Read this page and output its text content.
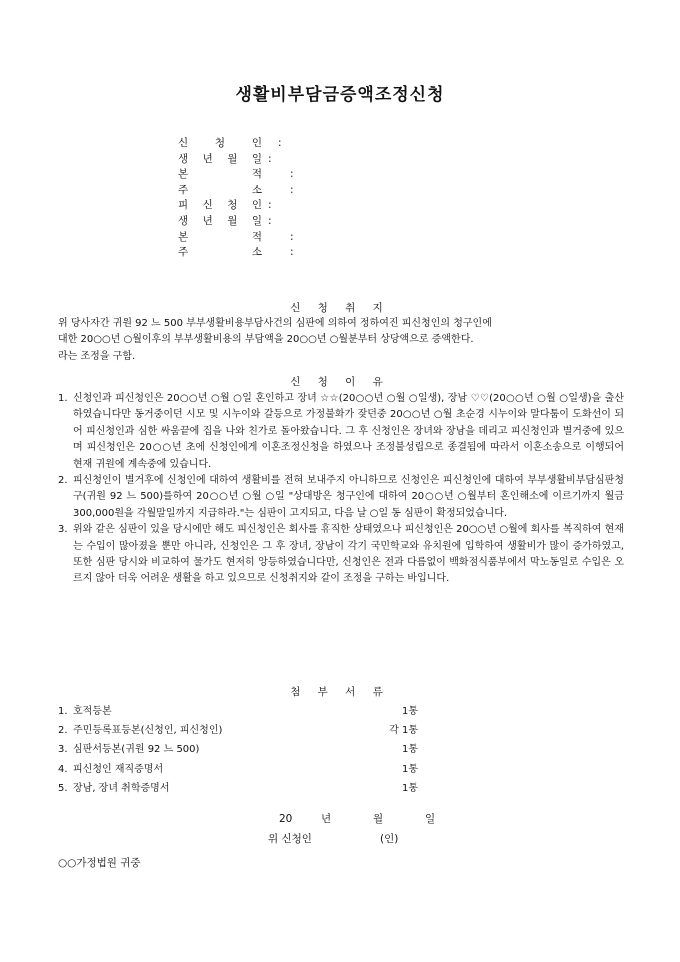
생활비부담금증액조정신청
신	청	인 :
생 년 월 일 :
본	적	:
주	소	:
피 신 청 인 :
생 년 월 일 :
본	적	:
주	소	:
신 청 취 지
위 당사자간 귀원 92 느 500 부부생활비용부담사건의 심판에 의하여 정하여진 피신청인의 청구인에
대한 20○○년 ○월이후의 부부생활비용의 부담액을 20○○년 ○월분부터 상당액으로 증액한다.
라는 조정을 구함.
신 청 이 유
1. 신청인과 피신청인은 20○○년 ○월 ○일 혼인하고 장녀 ☆☆(20○○년 ○월 ○일생), 장남 ♡♡(20○○년 ○월 ○일생)을 출산하였습니다만 동거중이던 시모 및 시누이와 갈등으로 가정불화가 잦던중 20○○년 ○월 초순경 시누이와 말다툼이 도화선이 되어 피신청인과 심한 싸움끝에 집을 나와 친가로 돌아왔습니다. 그 후 신청인은 장녀와 장남을 데리고 피신청인과 별거중에 있으며 피신청인은 20○○년 초에 신청인에게 이혼조정신청을 하였으나 조정불성립으로 종결됨에 따라서 이혼소송으로 이행되어 현재 귀원에 계속중에 있습니다.
2. 피신청인이 별거후에 신청인에 대하여 생활비를 전혀 보내주지 아니하므로 신청인은 피신청인에 대하여 부부생활비부담심판청구(귀원 92 느 500)를하여 20○○년 ○월 ○일 "상대방은 청구인에 대하여 20○○년 ○월부터 혼인해소에 이르기까지 월금 300,000원을 각월말일까지 지급하라."는 심판이 고지되고, 다음 날 ○일 동 심판이 확정되었습니다.
3. 위와 같은 심판이 있을 당시에만 해도 피신청인은 회사를 휴직한 상태였으나 피신청인은 20○○년 ○월에 회사를 복직하여 현재는 수입이 많아졌을 뿐만 아니라, 신청인은 그 후 장녀, 장남이 각기 국민학교와 유치원에 입학하여 생활비가 많이 증가하였고, 또한 심판 당시와 비교하여 물가도 현저히 앙등하였습니다만, 신청인은 전과 다름없이 백화점식품부에서 막노동일로 수입은 오르지 않아 더욱 어려운 생활을 하고 있으므로 신청취지와 같이 조정을 구하는 바입니다.
첨 부 서 류
1. 호적등본	1통
2. 주민등록표등본(신청인, 피신청인)	각 1통
3. 심판서등본(귀원 92 느 500)	1통
4. 피신청인 재직증명서	1통
5. 장남, 장녀 취학증명서	1통
20	년	월	일
위 신청인	(인)
○○가정법원 귀중
